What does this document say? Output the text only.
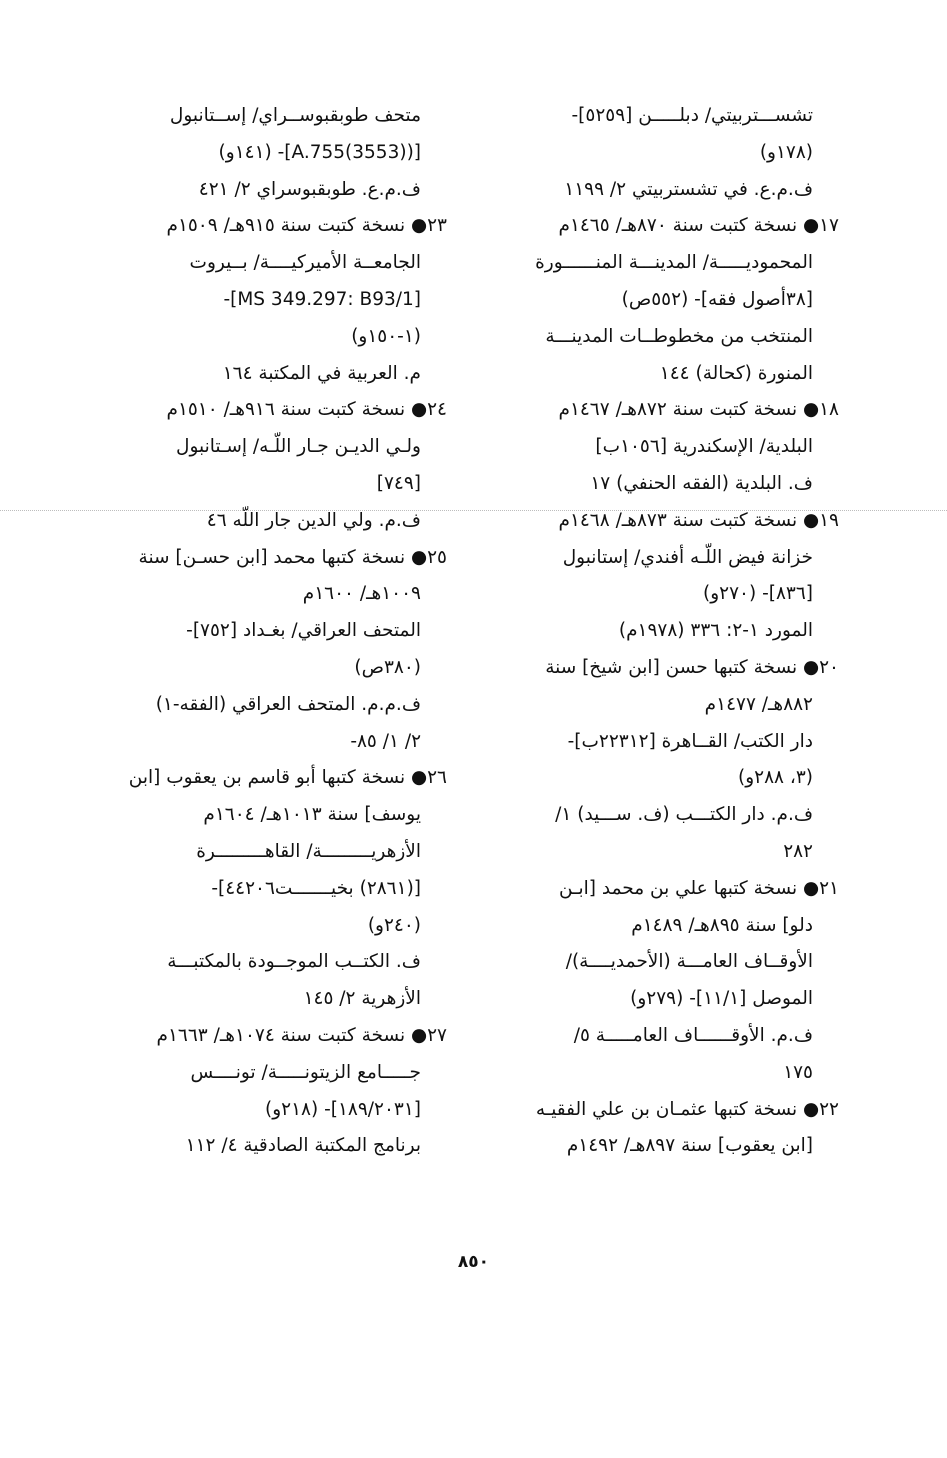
تشســـتربيتي/ دبلـــــن [٥٢٥٩]-
(١٧٨و)
ف.م.ع. في تشستربيتي ٢/ ١١٩٩
١٧● نسخة كتبت سنة ٨٧٠هـ/ ١٤٦٥م
المحموديـــــة/ المدينـــة المنــــــورة
[٣٨أصول فقه]- (٥٥٢ص)
المنتخب من مخطوطــات المدينـــة
المنورة (كحالة) ١٤٤
١٨● نسخة كتبت سنة ٨٧٢هـ/ ١٤٦٧م
البلدية/ الإسكندرية [١٠٥٦ب]
ف. البلدية (الفقه الحنفي) ١٧
١٩● نسخة كتبت سنة ٨٧٣هـ/ ١٤٦٨م
خزانة فيض اللّـه أفندي/ إستانبول
[٨٣٦]- (٢٧٠و)
المورد ١-٢: ٣٣٦ (١٩٧٨م)
٢٠● نسخة كتبها حسن [ابن شيخ] سنة
٨٨٢هـ/ ١٤٧٧م
دار الكتب/ القــاهرة [٢٢٣١٢ب]-
(٣، ٢٨٨و)
ف.م. دار الكتـــب (ف. ســـيد) ١/
٢٨٢
٢١● نسخة كتبها علي بن محمد [ابـن
دلو] سنة ٨٩٥هـ/ ١٤٨٩م
الأوقــاف العامـــة (الأحمديــــة)/
الموصل [١١/١]- (٢٧٩و)
ف.م. الأوقــــــاف العامـــــة ٥/
١٧٥
٢٢● نسخة كتبها عثمـان بن علي الفقيـه
[ابن يعقوب] سنة ٨٩٧هـ/ ١٤٩٢م
متحف طوبقبوســراي/ إســتانبول
[(A.755(3553)]- (١٤١و)
ف.م.ع. طوبقبوسراي ٢/ ٤٢١
٢٣● نسخة كتبت سنة ٩١٥هـ/ ١٥٠٩م
الجامعــة الأميركيــــة/ بــيروت
[MS 349.297: B93/1]-
(١-١٥٠و)
م. العربية في المكتبة ١٦٤
٢٤● نسخة كتبت سنة ٩١٦هـ/ ١٥١٠م
ولـي الديـن جـار اللّـه/ إسـتانبول
[٧٤٩]
ف.م. ولي الدين جار اللّه ٤٦
٢٥● نسخة كتبها محمد [ابن حسـن] سنة
١٠٠٩هـ/ ١٦٠٠م
المتحف العراقي/ بغـداد [٧٥٢]-
(٣٨٠ص)
ف.م.م. المتحف العراقي (الفقه-١)
٢/ ١/ ٨٥-
٢٦● نسخة كتبها أبو قاسم بن يعقوب [ابن
يوسف] سنة ١٠١٣هـ/ ١٦٠٤م
الأزهريـــــــــة/ القاهـــــــــرة
[(٢٨٦١) بخيـــــــت٤٤٢٠٦]-
(٢٤٠و)
ف. الكتــب الموجــودة بالمكتبـــة
الأزهرية ٢/ ١٤٥
٢٧● نسخة كتبت سنة ١٠٧٤هـ/ ١٦٦٣م
جـــــامع الزيتونـــــة/ تونــــس
[١٨٩/٢٠٣١]- (٢١٨و)
برنامج المكتبة الصادقية ٤/ ١١٢
٨٥٠
